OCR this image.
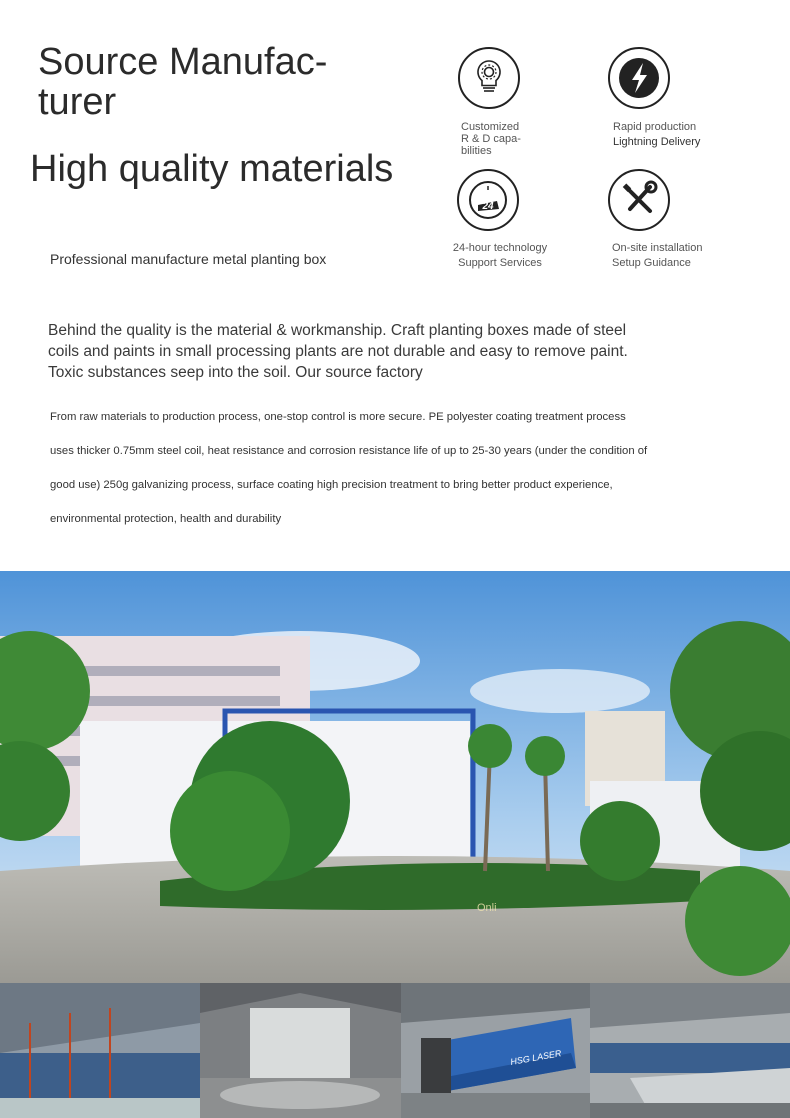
Source Manufac- turer
High quality materials
Professional manufacture metal planting box
Customized
R & D capa-
bilities
Rapid production
Lightning Delivery
24
24-hour technology
Support Services
On-site installation
Setup Guidance
Behind the quality is the material & workmanship. Craft planting boxes made of steel coils and paints in small processing plants are not durable and easy to remove paint. Toxic substances seep into the soil. Our source factory
From raw materials to production process, one-stop control is more secure. PE polyester coating treatment process uses thicker 0.75mm steel coil, heat resistance and corrosion resistance life of up to 25-30 years (under the condition of good use) 250g galvanizing process, surface coating high precision treatment to bring better product experience, environmental protection, health and durability
Onli
HSG LASER
